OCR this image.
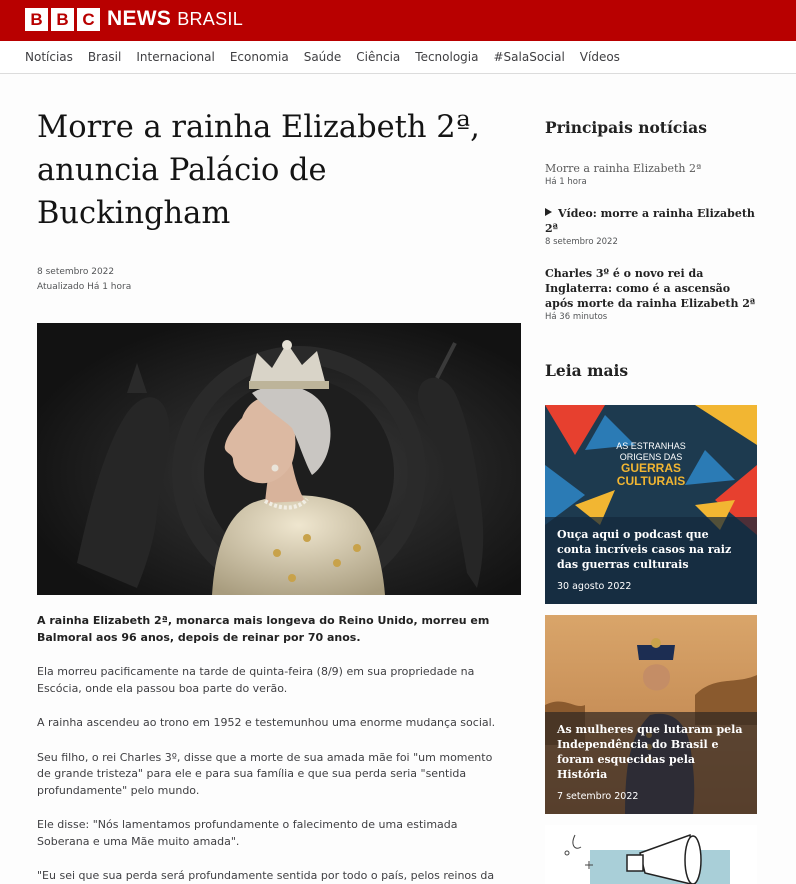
B B C NEWS BRASIL
Notícias Brasil Internacional Economia Saúde Ciência Tecnologia #SalaSocial Vídeos
Morre a rainha Elizabeth 2ª, anuncia Palácio de Buckingham
8 setembro 2022
Atualizado Há 1 hora

A rainha Elizabeth 2ª, monarca mais longeva do Reino Unido, morreu em Balmoral aos 96 anos, depois de reinar por 70 anos.

Ela morreu pacificamente na tarde de quinta-feira (8/9) em sua propriedade na Escócia, onde ela passou boa parte do verão.

A rainha ascendeu ao trono em 1952 e testemunhou uma enorme mudança social.

Seu filho, o rei Charles 3º, disse que a morte de sua amada mãe foi "um momento de grande tristeza" para ele e para sua família e que sua perda seria "sentida profundamente" pelo mundo.

Ele disse: "Nós lamentamos profundamente o falecimento de uma estimada Soberana e uma Mãe muito amada".

"Eu sei que sua perda será profundamente sentida por todo o país, pelos reinos da

Principais notícias
Morre a rainha Elizabeth 2ª
Há 1 hora
Vídeo: morre a rainha Elizabeth 2ª
8 setembro 2022
Charles 3º é o novo rei da Inglaterra: como é a ascensão após morte da rainha Elizabeth 2ª
Há 36 minutos
Leia mais
AS ESTRANHAS
ORIGENS DAS
GUERRAS
CULTURAIS
Ouça aqui o podcast que conta incríveis casos na raiz das guerras culturais
30 agosto 2022
As mulheres que lutaram pela Independência do Brasil e foram esquecidas pela História
7 setembro 2022
